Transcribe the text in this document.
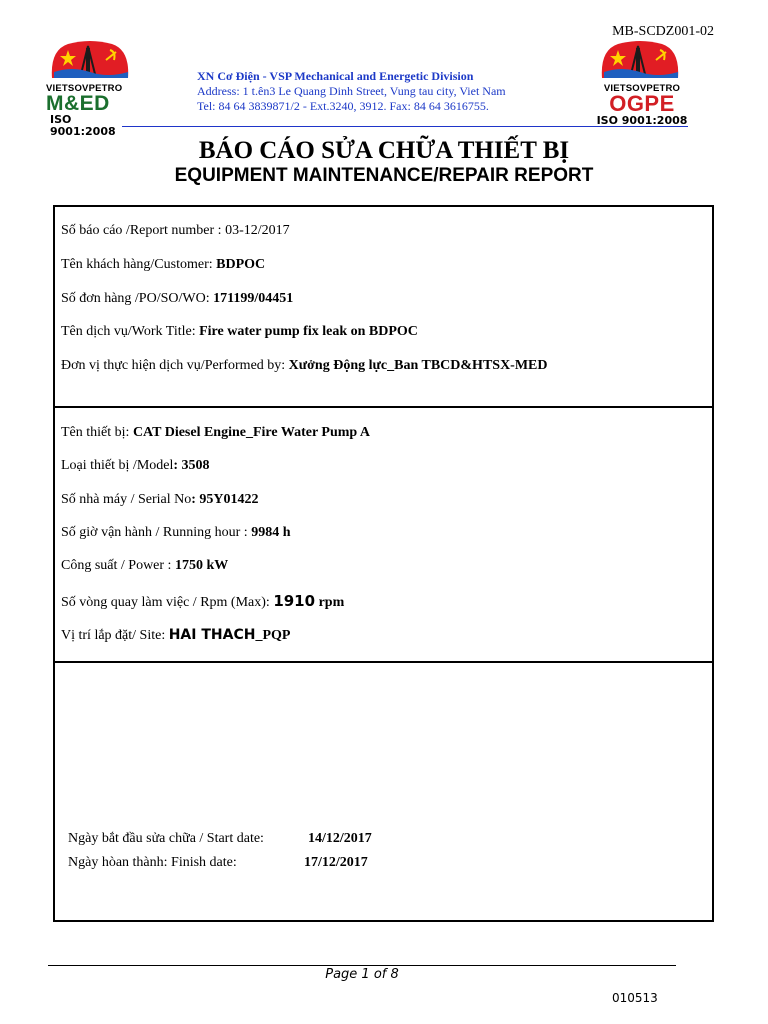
MB-SCDZ001-02
VIETSOVPETRO
M&ED
ISO 9001:2008
XN Cơ Điện - VSP Mechanical and Energetic Division
Address: 1 t.ên3 Le Quang Dinh Street, Vung tau city, Viet Nam
Tel: 84 64 3839871/2 - Ext.3240, 3912. Fax: 84 64 3616755.
VIETSOVPETRO
OGPE
ISO 9001:2008
BÁO CÁO SỬA CHỮA THIẾT BỊ
EQUIPMENT MAINTENANCE/REPAIR REPORT
Số báo cáo /Report number : 03-12/2017
Tên khách hàng/Customer: BDPOC
Số đơn hàng /PO/SO/WO: 171199/04451
Tên dịch vụ/Work Title: Fire water pump fix leak on BDPOC
Đơn vị thực hiện dịch vụ/Performed by: Xưởng Động lực_Ban TBCD&HTSX-MED
Tên thiết bị: CAT Diesel Engine_Fire Water Pump A
Loại thiết bị /Model: 3508
Số nhà máy / Serial No: 95Y01422
Số giờ vận hành / Running hour : 9984 h
Công suất / Power : 1750 kW
Số vòng quay làm việc / Rpm (Max): 1910 rpm
Vị trí lắp đặt/ Site: HAI THACH_PQP
Ngày bắt đầu sửa chữa / Start date:	14/12/2017
Ngày hòan thành: Finish date:	17/12/2017
Page 1 of 8
010513
